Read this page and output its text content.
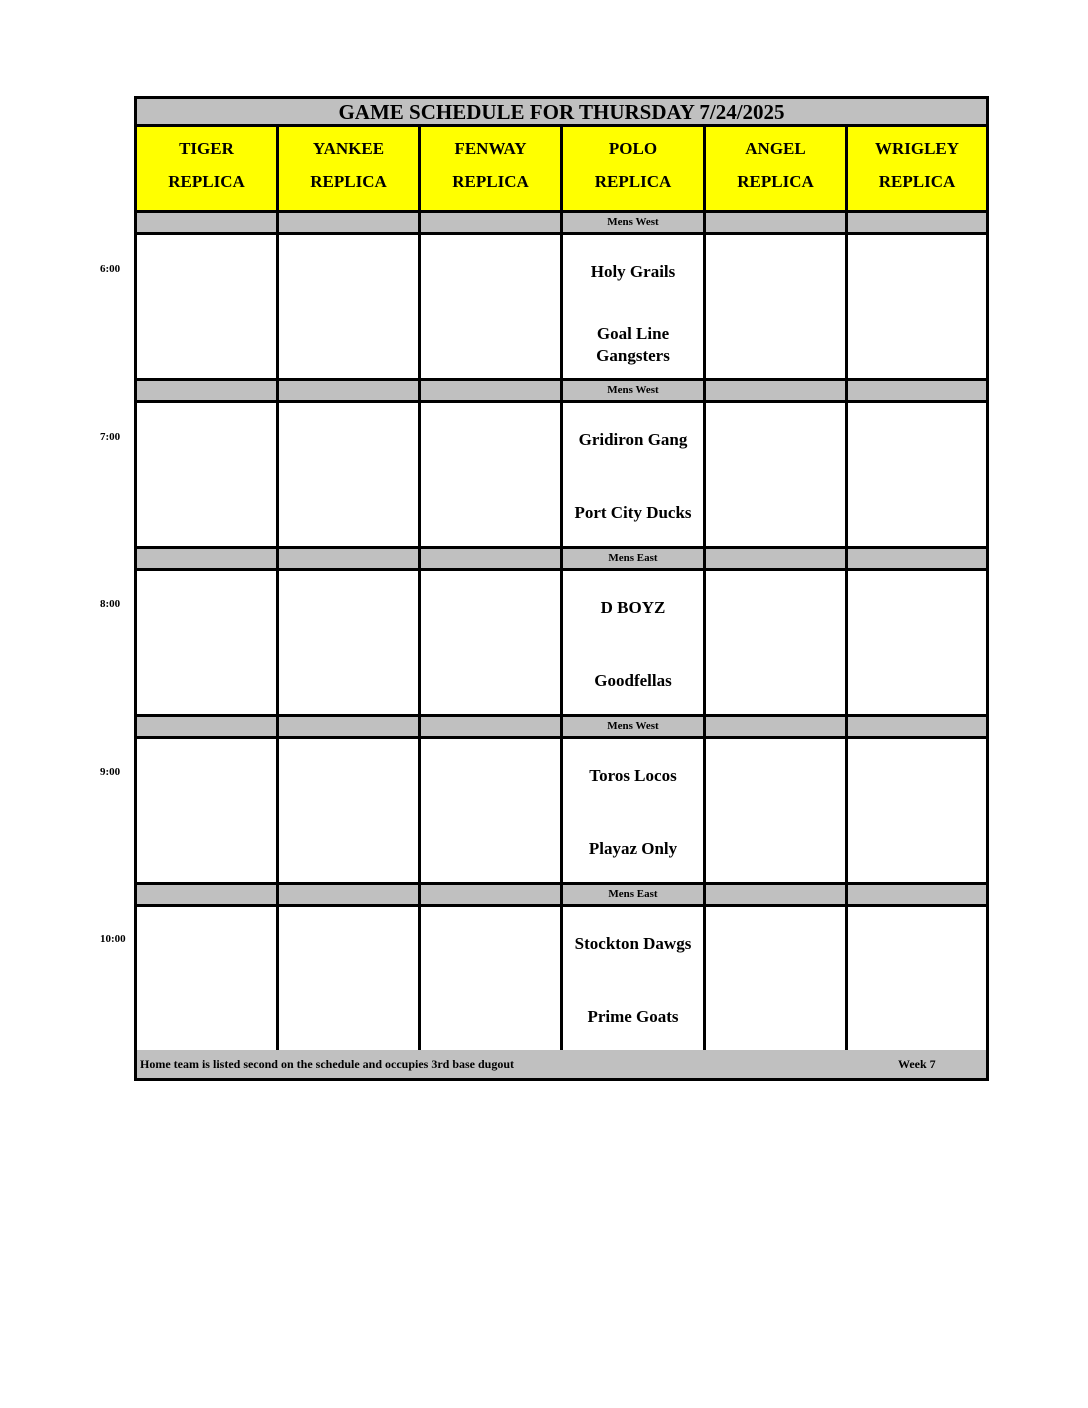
GAME SCHEDULE FOR THURSDAY 7/24/2025
TIGER
REPLICA
YANKEE
REPLICA
FENWAY
REPLICA
POLO
REPLICA
ANGEL
REPLICA
WRIGLEY
REPLICA
Mens West
Holy Grails
Goal Line
Gangsters
Mens West
Gridiron Gang
Port City Ducks
Mens East
D BOYZ
Goodfellas
Mens West
Toros Locos
Playaz Only
Mens East
Stockton Dawgs
Prime Goats
Home team is listed second on the schedule and occupies 3rd base dugout	Week 7
6:00
7:00
8:00
9:00
10:00
